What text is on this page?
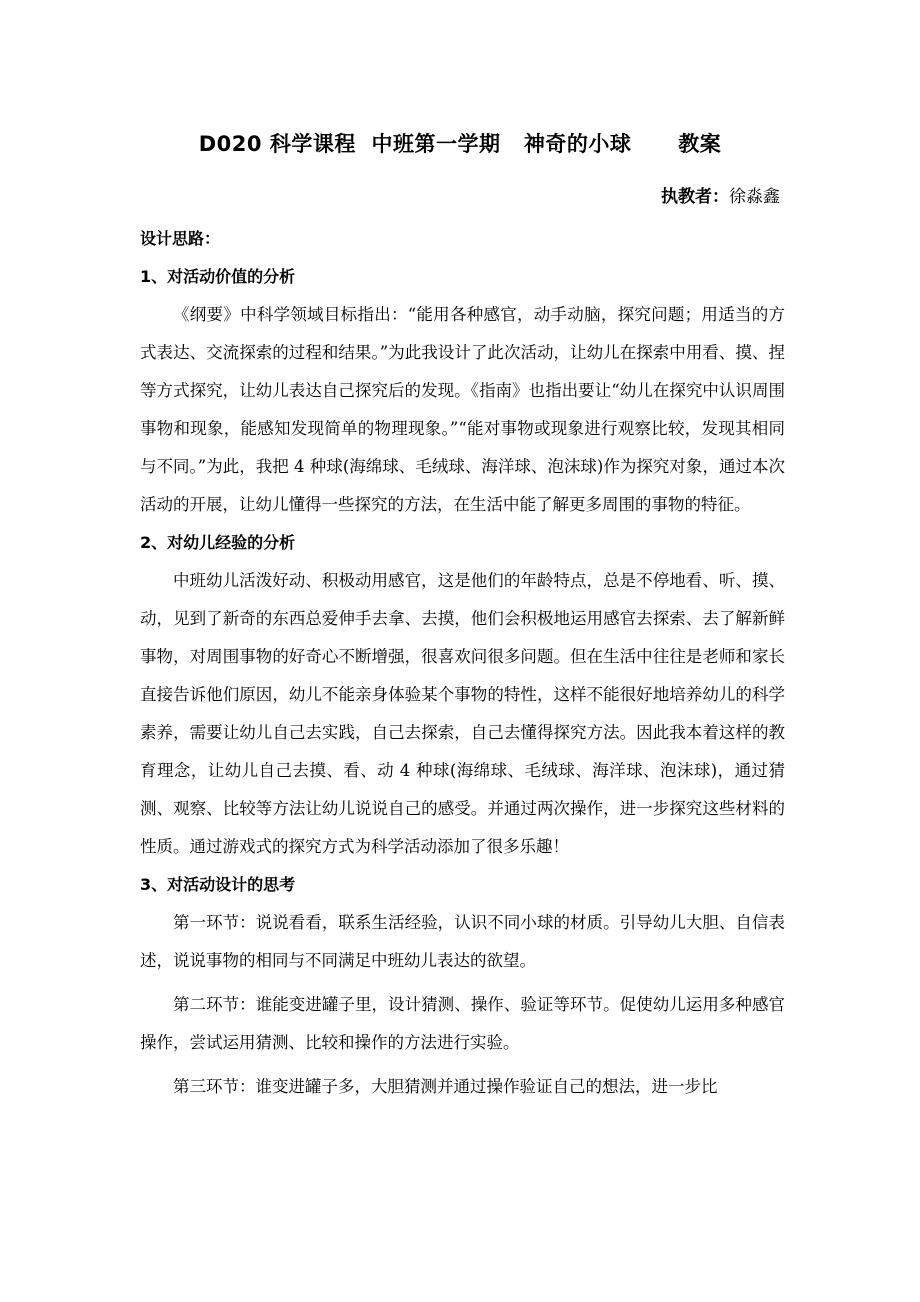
D020 科学课程  中班第一学期   神奇的小球      教案
执教者：徐淼鑫

设计思路：

1、对活动价值的分析

《纲要》中科学领域目标指出：“能用各种感官，动手动脑，探究问题；用适当的方式表达、交流探索的过程和结果。”为此我设计了此次活动，让幼儿在探索中用看、摸、捏等方式探究，让幼儿表达自己探究后的发现。《指南》也指出要让“幼儿在探究中认识周围事物和现象，能感知发现简单的物理现象。”“能对事物或现象进行观察比较，发现其相同与不同。”为此，我把 4 种球(海绵球、毛绒球、海洋球、泡沫球)作为探究对象，通过本次活动的开展，让幼儿懂得一些探究的方法，在生活中能了解更多周围的事物的特征。

2、对幼儿经验的分析

中班幼儿活泼好动、积极动用感官，这是他们的年龄特点，总是不停地看、听、摸、动，见到了新奇的东西总爱伸手去拿、去摸，他们会积极地运用感官去探索、去了解新鲜事物，对周围事物的好奇心不断增强，很喜欢问很多问题。但在生活中往往是老师和家长直接告诉他们原因，幼儿不能亲身体验某个事物的特性，这样不能很好地培养幼儿的科学素养，需要让幼儿自己去实践，自己去探索，自己去懂得探究方法。因此我本着这样的教育理念，让幼儿自己去摸、看、动 4 种球(海绵球、毛绒球、海洋球、泡沫球)，通过猜测、观察、比较等方法让幼儿说说自己的感受。并通过两次操作，进一步探究这些材料的性质。通过游戏式的探究方式为科学活动添加了很多乐趣！

3、对活动设计的思考

第一环节：说说看看，联系生活经验，认识不同小球的材质。引导幼儿大胆、自信表述，说说事物的相同与不同满足中班幼儿表达的欲望。

第二环节：谁能变进罐子里，设计猜测、操作、验证等环节。促使幼儿运用多种感官操作，尝试运用猜测、比较和操作的方法进行实验。

第三环节：谁变进罐子多，大胆猜测并通过操作验证自己的想法，进一步比
